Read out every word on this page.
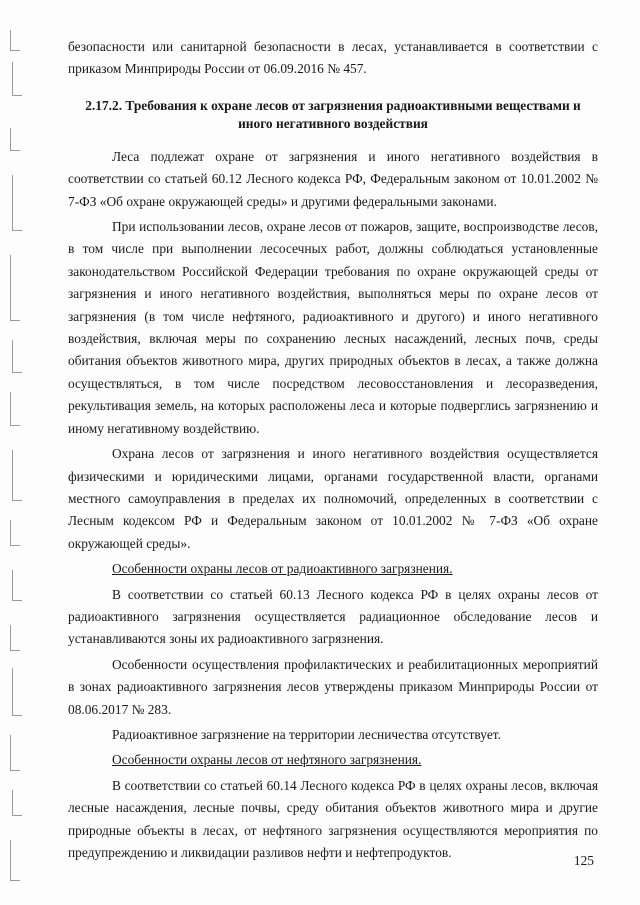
безопасности или санитарной безопасности в лесах, устанавливается в соответствии с приказом Минприроды России от 06.09.2016 № 457.

2.17.2. Требования к охране лесов от загрязнения радиоактивными веществами и иного негативного воздействия

Леса подлежат охране от загрязнения и иного негативного воздействия в соответствии со статьей 60.12 Лесного кодекса РФ, Федеральным законом от 10.01.2002 № 7-ФЗ «Об охране окружающей среды» и другими федеральными законами.

При использовании лесов, охране лесов от пожаров, защите, воспроизводстве лесов, в том числе при выполнении лесосечных работ, должны соблюдаться установленные законодательством Российской Федерации требования по охране окружающей среды от загрязнения и иного негативного воздействия, выполняться меры по охране лесов от загрязнения (в том числе нефтяного, радиоактивного и другого) и иного негативного воздействия, включая меры по сохранению лесных насаждений, лесных почв, среды обитания объектов животного мира, других природных объектов в лесах, а также должна осуществляться, в том числе посредством лесовосстановления и лесоразведения, рекультивация земель, на которых расположены леса и которые подверглись загрязнению и иному негативному воздействию.

Охрана лесов от загрязнения и иного негативного воздействия осуществляется физическими и юридическими лицами, органами государственной власти, органами местного самоуправления в пределах их полномочий, определенных в соответствии с Лесным кодексом РФ и Федеральным законом от 10.01.2002 № 7-ФЗ «Об охране окружающей среды».

Особенности охраны лесов от радиоактивного загрязнения.

В соответствии со статьей 60.13 Лесного кодекса РФ в целях охраны лесов от радиоактивного загрязнения осуществляется радиационное обследование лесов и устанавливаются зоны их радиоактивного загрязнения.

Особенности осуществления профилактических и реабилитационных мероприятий в зонах радиоактивного загрязнения лесов утверждены приказом Минприроды России от 08.06.2017 № 283.

Радиоактивное загрязнение на территории лесничества отсутствует.

Особенности охраны лесов от нефтяного загрязнения.

В соответствии со статьей 60.14 Лесного кодекса РФ в целях охраны лесов, включая лесные насаждения, лесные почвы, среду обитания объектов животного мира и другие природные объекты в лесах, от нефтяного загрязнения осуществляются мероприятия по предупреждению и ликвидации разливов нефти и нефтепродуктов.

125
